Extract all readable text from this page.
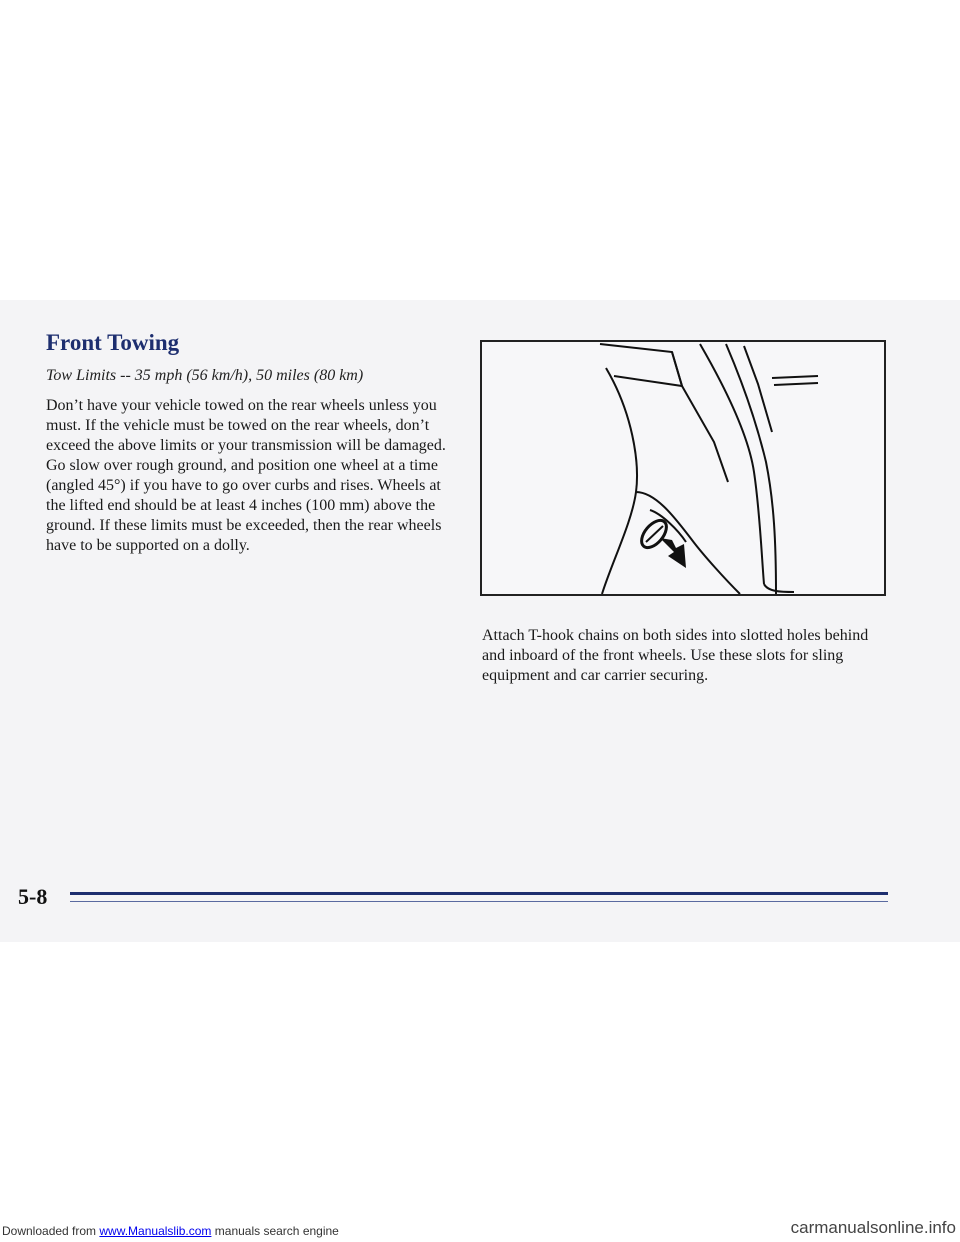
Front Towing

Tow Limits -- 35 mph (56 km/h), 50 miles (80 km)

Don’t have your vehicle towed on the rear wheels unless you must. If the vehicle must be towed on the rear wheels, don’t exceed the above limits or your transmission will be damaged. Go slow over rough ground, and position one wheel at a time (angled 45°) if you have to go over curbs and rises. Wheels at the lifted end should be at least 4 inches (100 mm) above the ground. If these limits must be exceeded, then the rear wheels have to be supported on a dolly.

Attach T-hook chains on both sides into slotted holes behind and inboard of the front wheels. Use these slots for sling equipment and car carrier securing.

5-8

Downloaded from www.Manualslib.com manuals search engine	carmanualsonline.info
